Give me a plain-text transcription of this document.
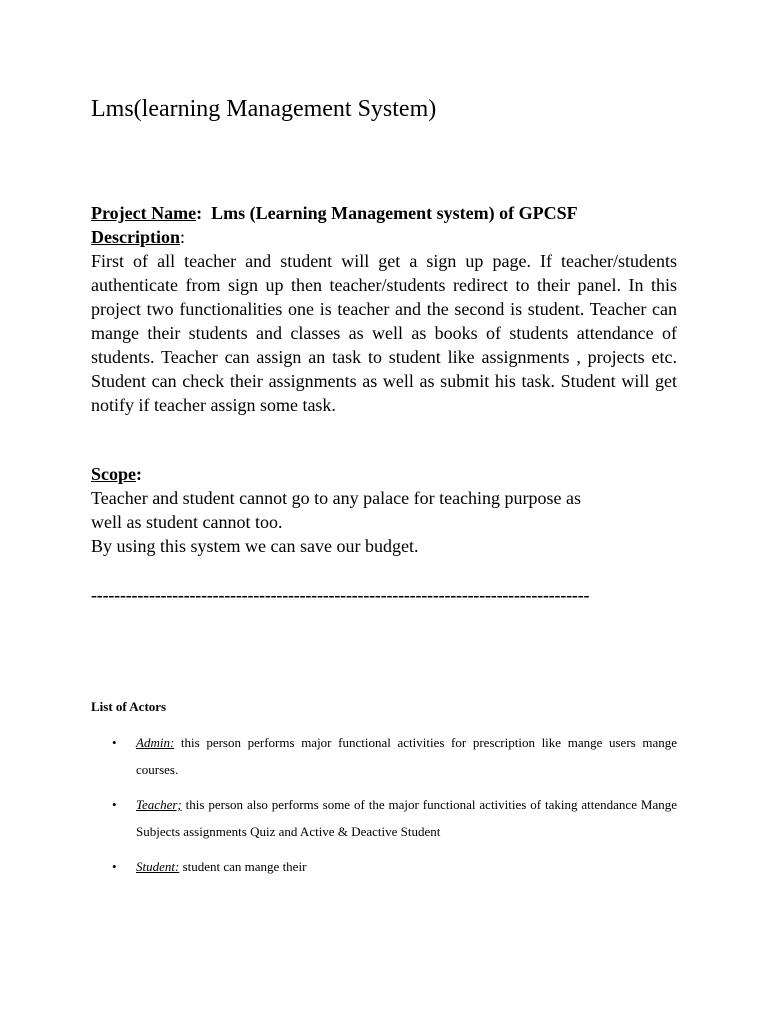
Lms(learning Management System)
Project Name:  Lms (Learning Management system) of GPCSF
Description:

First of all teacher and student will get a sign up page. If teacher/students authenticate from sign up then teacher/students redirect to their panel. In this project two functionalities one is teacher and the second is student. Teacher can mange their students and classes as well as books of students attendance of students. Teacher can assign an task to student like assignments , projects etc. Student can check their assignments as well as submit his task. Student will get notify if teacher assign some task.

Scope:
Teacher and student cannot go to any palace for teaching purpose as
well as student cannot too.
By using this system we can save our budget.
--------------------------------------------------------------------------------------
List of Actors
• Admin: this person performs major functional activities for prescription like mange users mange courses.
• Teacher; this person also performs some of the major functional activities of taking attendance Mange Subjects assignments Quiz and Active & Deactive Student
• Student: student can mange their
